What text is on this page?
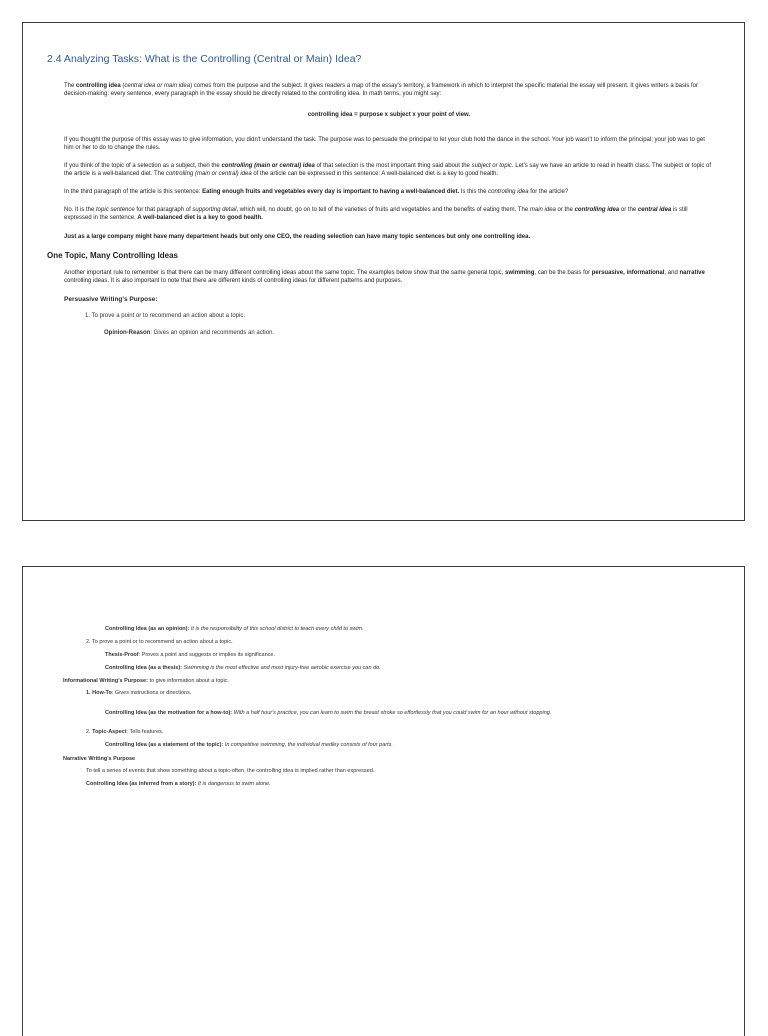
2.4 Analyzing Tasks: What is the Controlling (Central or Main) Idea?

The controlling idea (central idea or main idea) comes from the purpose and the subject. It gives readers a map of the essay's territory, a framework in which to interpret the specific material the essay will present. It gives writers a basis for decision-making: every sentence, every paragraph in the essay should be directly related to the controlling idea. In math terms, you might say:

controlling idea = purpose x subject x your point of view.

If you thought the purpose of this essay was to give information, you didn't understand the task. The purpose was to persuade the principal to let your club hold the dance in the school. Your job wasn't to inform the principal; your job was to get him or her to do to change the rules.

If you think of the topic of a selection as a subject, then the controlling (main or central) idea of that selection is the most important thing said about the subject or topic. Let's say we have an article to read in health class. The subject or topic of the article is a well-balanced diet. The controlling (main or central) idea of the article can be expressed in this sentence: A well-balanced diet is a key to good health.

In the third paragraph of the article is this sentence: Eating enough fruits and vegetables every day is important to having a well-balanced diet. Is this the controlling idea for the article?

No. It is the topic sentence for that paragraph of supporting detail, which will, no doubt, go on to tell of the varieties of fruits and vegetables and the benefits of eating them. The main idea or the controlling idea or the central idea is still expressed in the sentence, A well-balanced diet is a key to good health.

Just as a large company might have many department heads but only one CEO, the reading selection can have many topic sentences but only one controlling idea.

One Topic, Many Controlling Ideas

Another important rule to remember is that there can be many different controlling ideas about the same topic. The examples below show that the same general topic, swimming, can be the basis for persuasive, informational, and narrative controlling ideas. It is also important to note that there are different kinds of controlling ideas for different patterns and purposes.

Persuasive Writing's Purpose:

1. To prove a point or to recommend an action about a topic.

Opinion-Reason: Gives an opinion and recommends an action.

Controlling Idea (as an opinion): It is the responsibility of this school district to teach every child to swim.

2. To prove a point or to recommend an action about a topic.

Thesis-Proof: Proves a point and suggests or implies its significance.

Controlling Idea (as a thesis): Swimming is the most effective and most injury-free aerobic exercise you can do.

Informational Writing's Purpose: to give information about a topic.

1. How-To: Gives instructions or directions.

Controlling Idea (as the motivation for a how-to): With a half hour's practice, you can learn to swim the breast stroke so effortlessly that you could swim for an hour without stopping.

2. Topic-Aspect: Tells features.

Controlling Idea (as a statement of the topic): In competitive swimming, the individual medley consists of four parts.

Narrative Writing's Purpose

To tell a series of events that show something about a topic-often, the controlling idea is implied rather than expressed.

Controlling Idea (as inferred from a story): It is dangerous to swim alone.
